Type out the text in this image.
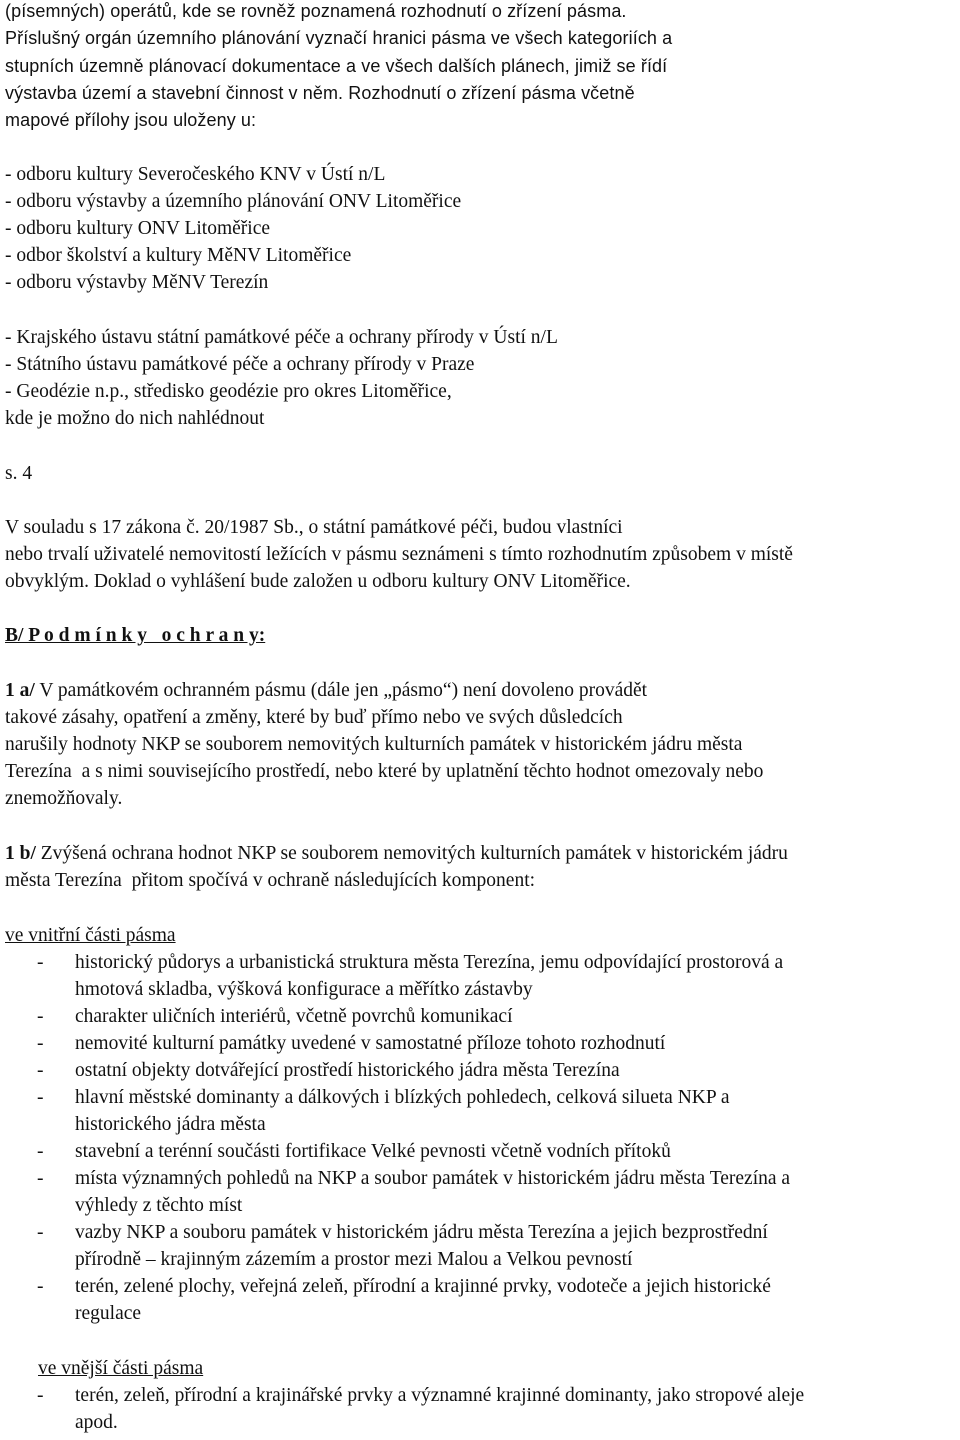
(písemných) operátů, kde se rovněž poznamená rozhodnutí o zřízení pásma.
Příslušný orgán územního plánování vyznačí hranici pásma ve všech kategoriích a
stupních územně plánovací dokumentace a ve všech dalších plánech, jimiž se řídí
výstavba území a stavební činnost v něm. Rozhodnutí o zřízení pásma včetně
mapové přílohy jsou uloženy u:
- odboru kultury Severočeského KNV v Ústí n/L
- odboru výstavby a územního plánování ONV Litoměřice
- odboru kultury ONV Litoměřice
- odbor školství a kultury MěNV Litoměřice
- odboru výstavby MěNV Terezín
- Krajského ústavu státní památkové péče a ochrany přírody v Ústí n/L
- Státního ústavu památkové péče a ochrany přírody v Praze
- Geodézie n.p., středisko geodézie pro okres Litoměřice,
kde je možno do nich nahlédnout
s. 4
V souladu s 17 zákona č. 20/1987 Sb., o státní památkové péči, budou vlastníci
nebo trvalí uživatelé nemovitostí ležících v pásmu seznámeni s tímto rozhodnutím způsobem v místě
obvyklým. Doklad o vyhlášení bude založen u odboru kultury ONV Litoměřice.
B/ P o d m í n k y   o c h r a n y:
1 a/ V památkovém ochranném pásmu (dále jen „pásmo“) není dovoleno provádět
takové zásahy, opatření a změny, které by buď přímo nebo ve svých důsledcích
narušily hodnoty NKP se souborem nemovitých kulturních památek v historickém jádru města
Terezína  a s nimi souvisejícího prostředí, nebo které by uplatnění těchto hodnot omezovaly nebo
znemožňovaly.
1 b/ Zvýšená ochrana hodnot NKP se souborem nemovitých kulturních památek v historickém jádru
města Terezína  přitom spočívá v ochraně následujících komponent:
ve vnitřní části pásma
- historický půdorys a urbanistická struktura města Terezína, jemu odpovídající prostorová a
hmotová skladba, výšková konfigurace a měřítko zástavby
- charakter uličních interiérů, včetně povrchů komunikací
- nemovité kulturní památky uvedené v samostatné příloze tohoto rozhodnutí
- ostatní objekty dotvářející prostředí historického jádra města Terezína
- hlavní městské dominanty a dálkových i blízkých pohledech, celková silueta NKP a
historického jádra města
- stavební a terénní součásti fortifikace Velké pevnosti včetně vodních přítoků
- místa významných pohledů na NKP a soubor památek v historickém jádru města Terezína a
výhledy z těchto míst
- vazby NKP a souboru památek v historickém jádru města Terezína a jejich bezprostřední
přírodně – krajinným zázemím a prostor mezi Malou a Velkou pevností
- terén, zelené plochy, veřejná zeleň, přírodní a krajinné prvky, vodoteče a jejich historické
regulace
ve vnější části pásma
- terén, zeleň, přírodní a krajinářské prvky a významné krajinné dominanty, jako stropové aleje
apod.
